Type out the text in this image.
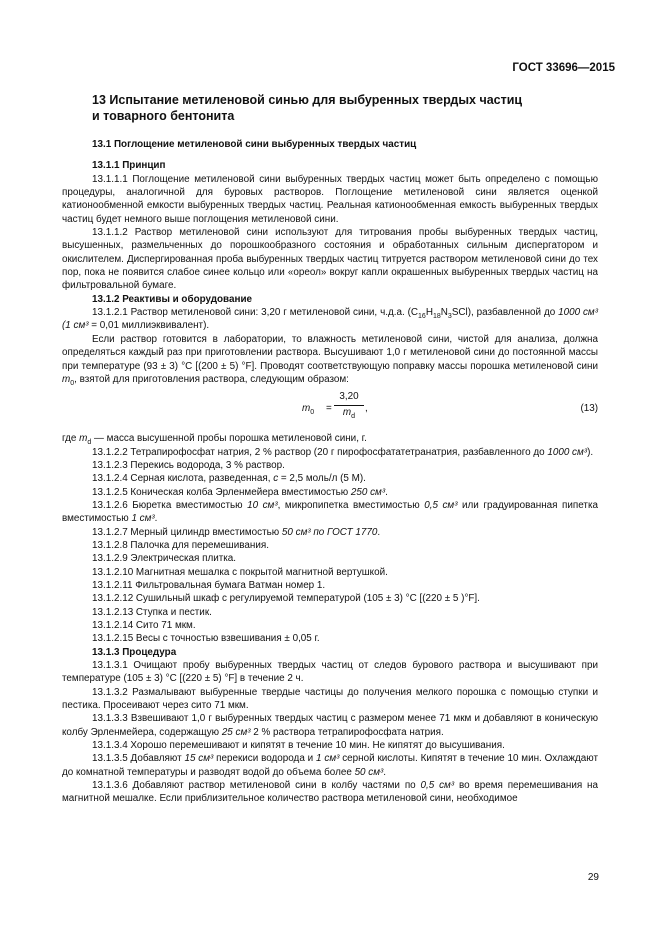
ГОСТ 33696—2015
13 Испытание метиленовой синью для выбуренных твердых частиц
и товарного бентонита
13.1 Поглощение метиленовой сини выбуренных твердых частиц

13.1.1 Принцип

13.1.1.1 Поглощение метиленовой сини выбуренных твердых частиц может быть определено с помощью процедуры, аналогичной для буровых растворов. Поглощение метиленовой сини является оценкой катионообменной емкости выбуренных твердых частиц. Реальная катионообменная емкость выбуренных твердых частиц будет немного выше поглощения метиленовой сини.

13.1.1.2 Раствор метиленовой сини используют для титрования пробы выбуренных твердых частиц, высушенных, размельченных до порошкообразного состояния и обработанных сильным диспергатором и окислителем. Диспергированная проба выбуренных твердых частиц титруется раствором метиленовой сини до тех пор, пока не появится слабое синее кольцо или «ореол» вокруг капли окрашенных выбуренных твердых частиц на фильтровальной бумаге.

13.1.2 Реактивы и оборудование

13.1.2.1 Раствор метиленовой сини: 3,20 г метиленовой сини, ч.д.а. $(C_{16}H_{18}N_3SCl)$, разбавленной до 1000 см³ (1 см³ = 0,01 миллиэквивалент).

Если раствор готовится в лаборатории, то влажность метиленовой сини, чистой для анализа, должна определяться каждый раз при приготовлении раствора. Высушивают 1,0 г метиленовой сини до постоянной массы при температуре (93 ± 3) °С [(200 ± 5) °F]. Проводят соответствующую поправку массы порошка метиленовой сини $m_0$, взятой для приготовления раствора, следующим образом:

$m_0 = \frac{3,20}{m_d}$ ,	(13)

где $m_d$ — масса высушенной пробы порошка метиленовой сини, г.

13.1.2.2 Тетрапирофосфат натрия, 2 % раствор (20 г пирофосфататетранатрия, разбавленного до 1000 см³).

13.1.2.3 Перекись водорода, 3 % раствор.

13.1.2.4 Серная кислота, разведенная, c = 2,5 моль/л (5 М).

13.1.2.5 Коническая колба Эрленмейера вместимостью 250 см³.

13.1.2.6 Бюретка вместимостью 10 см³, микропипетка вместимостью 0,5 см³ или градуированная пипетка вместимостью 1 см³.

13.1.2.7 Мерный цилиндр вместимостью 50 см³ по ГОСТ 1770.

13.1.2.8 Палочка для перемешивания.

13.1.2.9 Электрическая плитка.

13.1.2.10 Магнитная мешалка с покрытой магнитной вертушкой.

13.1.2.11 Фильтровальная бумага Ватман номер 1.

13.1.2.12 Сушильный шкаф с регулируемой температурой (105 ± 3) °С [(220 ± 5 )°F].

13.1.2.13 Ступка и пестик.

13.1.2.14 Сито 71 мкм.

13.1.2.15 Весы с точностью взвешивания ± 0,05 г.

13.1.3 Процедура

13.1.3.1 Очищают пробу выбуренных твердых частиц от следов бурового раствора и высушивают при температуре (105 ± 3) °С [(220 ± 5) °F] в течение 2 ч.

13.1.3.2 Размалывают выбуренные твердые частицы до получения мелкого порошка с помощью ступки и пестика. Просеивают через сито 71 мкм.

13.1.3.3 Взвешивают 1,0 г выбуренных твердых частиц с размером менее 71 мкм и добавляют в коническую колбу Эрленмейера, содержащую 25 см³ 2 % раствора тетрапирофосфата натрия.

13.1.3.4 Хорошо перемешивают и кипятят в течение 10 мин. Не кипятят до высушивания.

13.1.3.5 Добавляют 15 см³ перекиси водорода и 1 см³ серной кислоты. Кипятят в течение 10 мин. Охлаждают до комнатной температуры и разводят водой до объема более 50 см³.

13.1.3.6 Добавляют раствор метиленовой сини в колбу частями по 0,5 см³ во время перемешивания на магнитной мешалке. Если приблизительное количество раствора метиленовой сини, необходимое

29
